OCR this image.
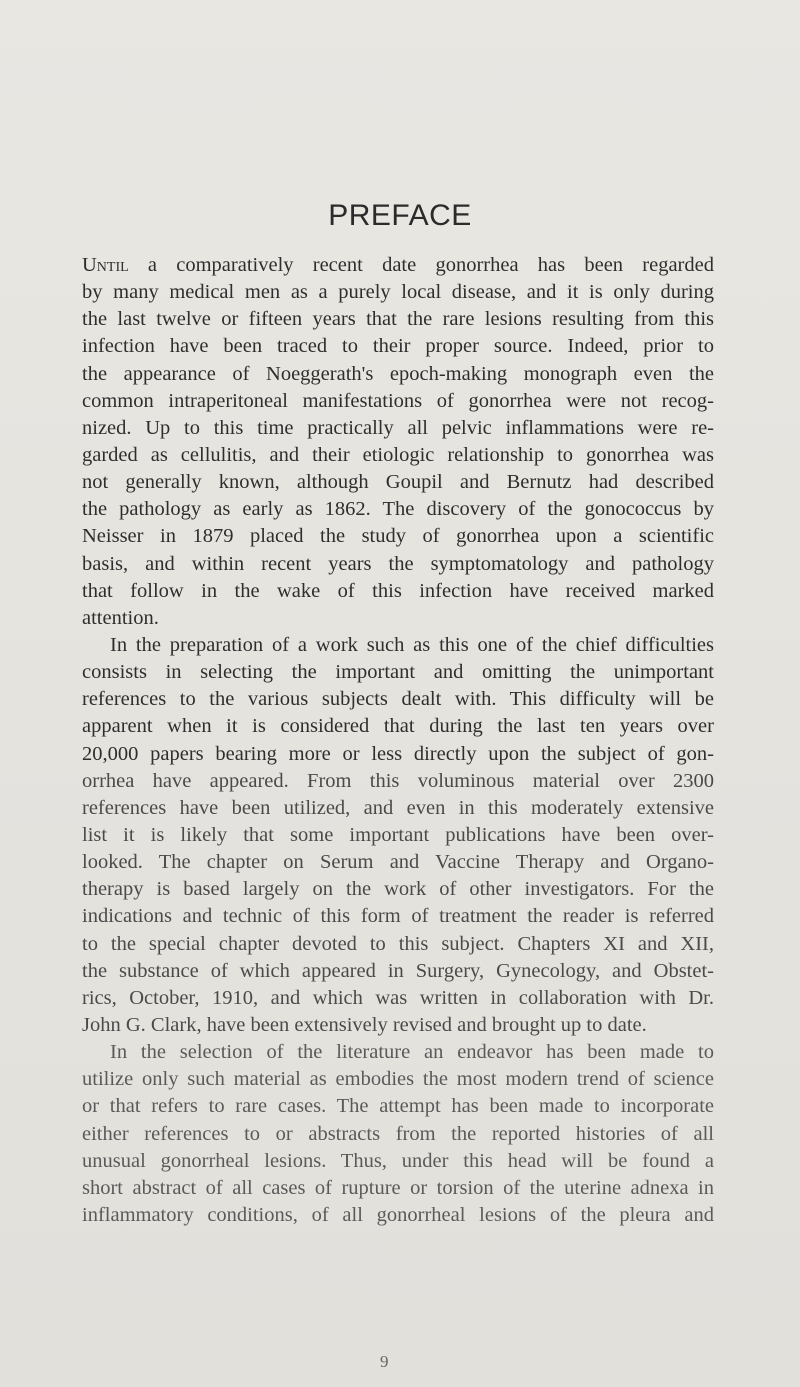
PREFACE
Until a comparatively recent date gonorrhea has been regarded
by many medical men as a purely local disease, and it is only during
the last twelve or fifteen years that the rare lesions resulting from this
infection have been traced to their proper source. Indeed, prior to
the appearance of Noeggerath's epoch-making monograph even the
common intraperitoneal manifestations of gonorrhea were not recog-
nized. Up to this time practically all pelvic inflammations were re-
garded as cellulitis, and their etiologic relationship to gonorrhea was
not generally known, although Goupil and Bernutz had described
the pathology as early as 1862. The discovery of the gonococcus by
Neisser in 1879 placed the study of gonorrhea upon a scientific
basis, and within recent years the symptomatology and pathology
that follow in the wake of this infection have received marked
attention.
In the preparation of a work such as this one of the chief difficulties
consists in selecting the important and omitting the unimportant
references to the various subjects dealt with. This difficulty will be
apparent when it is considered that during the last ten years over
20,000 papers bearing more or less directly upon the subject of gon-
orrhea have appeared. From this voluminous material over 2300
references have been utilized, and even in this moderately extensive
list it is likely that some important publications have been over-
looked. The chapter on Serum and Vaccine Therapy and Organo-
therapy is based largely on the work of other investigators. For the
indications and technic of this form of treatment the reader is referred
to the special chapter devoted to this subject. Chapters XI and XII,
the substance of which appeared in Surgery, Gynecology, and Obstet-
rics, October, 1910, and which was written in collaboration with Dr.
John G. Clark, have been extensively revised and brought up to date.
In the selection of the literature an endeavor has been made to
utilize only such material as embodies the most modern trend of science
or that refers to rare cases. The attempt has been made to incorporate
either references to or abstracts from the reported histories of all
unusual gonorrheal lesions. Thus, under this head will be found a
short abstract of all cases of rupture or torsion of the uterine adnexa in
inflammatory conditions, of all gonorrheal lesions of the pleura and
9
